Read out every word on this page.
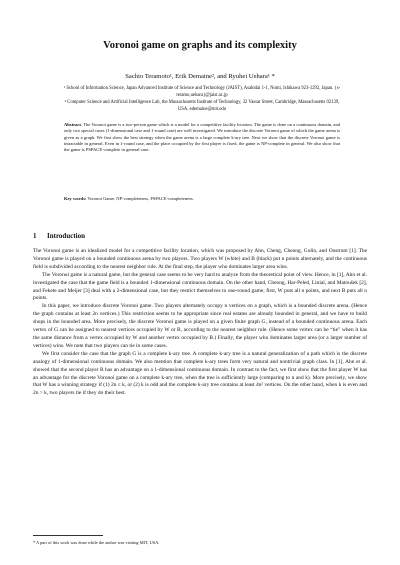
Voronoi game on graphs and its complexity
Sachio Teramoto¹, Erik Demaine², and Ryuhei Uehara¹ *
¹ School of Information Science, Japan Advanced Institute of Science and Technology (JAIST), Asahidai 1-1, Nomi, Ishikawa 923-1292, Japan. {s-teramo,uehara}@jaist.ac.jp
² Computer Science and Artificial Intelligence Lab, the Massachusetts Institute of Technology, 32 Vassar Street, Cambridge, Massachusetts 02139, USA. edemaine@mit.edu
Abstract. The Voronoi game is a two-person game which is a model for a competitive facility location. The game is done on a continuous domain, and only two special cases (1-dimensional case and 1-round case) are well investigated. We introduce the discrete Voronoi game of which the game arena is given as a graph. We first show the best strategy when the game arena is a large complete k-ary tree. Next we show that the discrete Voronoi game is intractable in general. Even in 1-round case, and the place occupied by the first player is fixed, the game is NP-complete in general. We also show that the game is PSPACE-complete in general case.
Key words: Voronoi Game, NP-completeness, PSPACE-completeness.
1 Introduction

The Voronoi game is an idealized model for a competitive facility location, which was proposed by Ahn, Cheng, Cheong, Golin, and Oostrum [1]. The Voronoi game is played on a bounded continuous arena by two players. Two players W (white) and B (black) put n points alternately, and the continuous field is subdivided according to the nearest neighbor rule. At the final step, the player who dominates larger area wins.

The Voronoi game is a natural game, but the general case seems to be very hard to analyze from the theoretical point of view. Hence, in [1], Ahn et al. investigated the case that the game field is a bounded 1-dimensional continuous domain. On the other hand, Cheong, Har-Peled, Linial, and Matoušek [2], and Fekete and Meijer [3] deal with a 2-dimensional case, but they restrict themselves to one-round game; first, W puts all n points, and next B puts all n points.

In this paper, we introduce discrete Voronoi game. Two players alternately occupy n vertices on a graph, which is a bounded discrete arena. (Hence the graph contains at least 2n vertices.) This restriction seems to be appropriate since real estates are already bounded in general, and we have to build shops in the bounded area. More precisely, the discrete Voronoi game is played on a given finite graph G, instead of a bounded continuous arena. Each vertex of G can be assigned to nearest vertices occupied by W or B, according to the nearest neighbor rule. (Hence some vertex can be “tie” when it has the same distance from a vertex occupied by W and another vertex occupied by B.) Finally, the player who dominates larger area (or a larger number of vertices) wins. We note that two players can tie in some cases.

We first consider the case that the graph G is a complete k-ary tree. A complete k-ary tree is a natural generalization of a path which is the discrete analogy of 1-dimensional continuous domain. We also mention that complete k-ary trees form very natural and nontrivial graph class. In [1], Ahn et al. showed that the second player B has an advantage on a 1-dimensional continuous domain. In contrast to the fact, we first show that the first player W has an advantage for the discrete Voronoi game on a complete k-ary tree, when the tree is sufficiently large (comparing to n and k). More precisely, we show that W has a winning strategy if (1) 2n ≤ k, or (2) k is odd and the complete k-ary tree contains at least 4n² vertices. On the other hand, when k is even and 2n > k, two players tie if they do their best.

* A part of this work was done while the author was visiting MIT, USA.
